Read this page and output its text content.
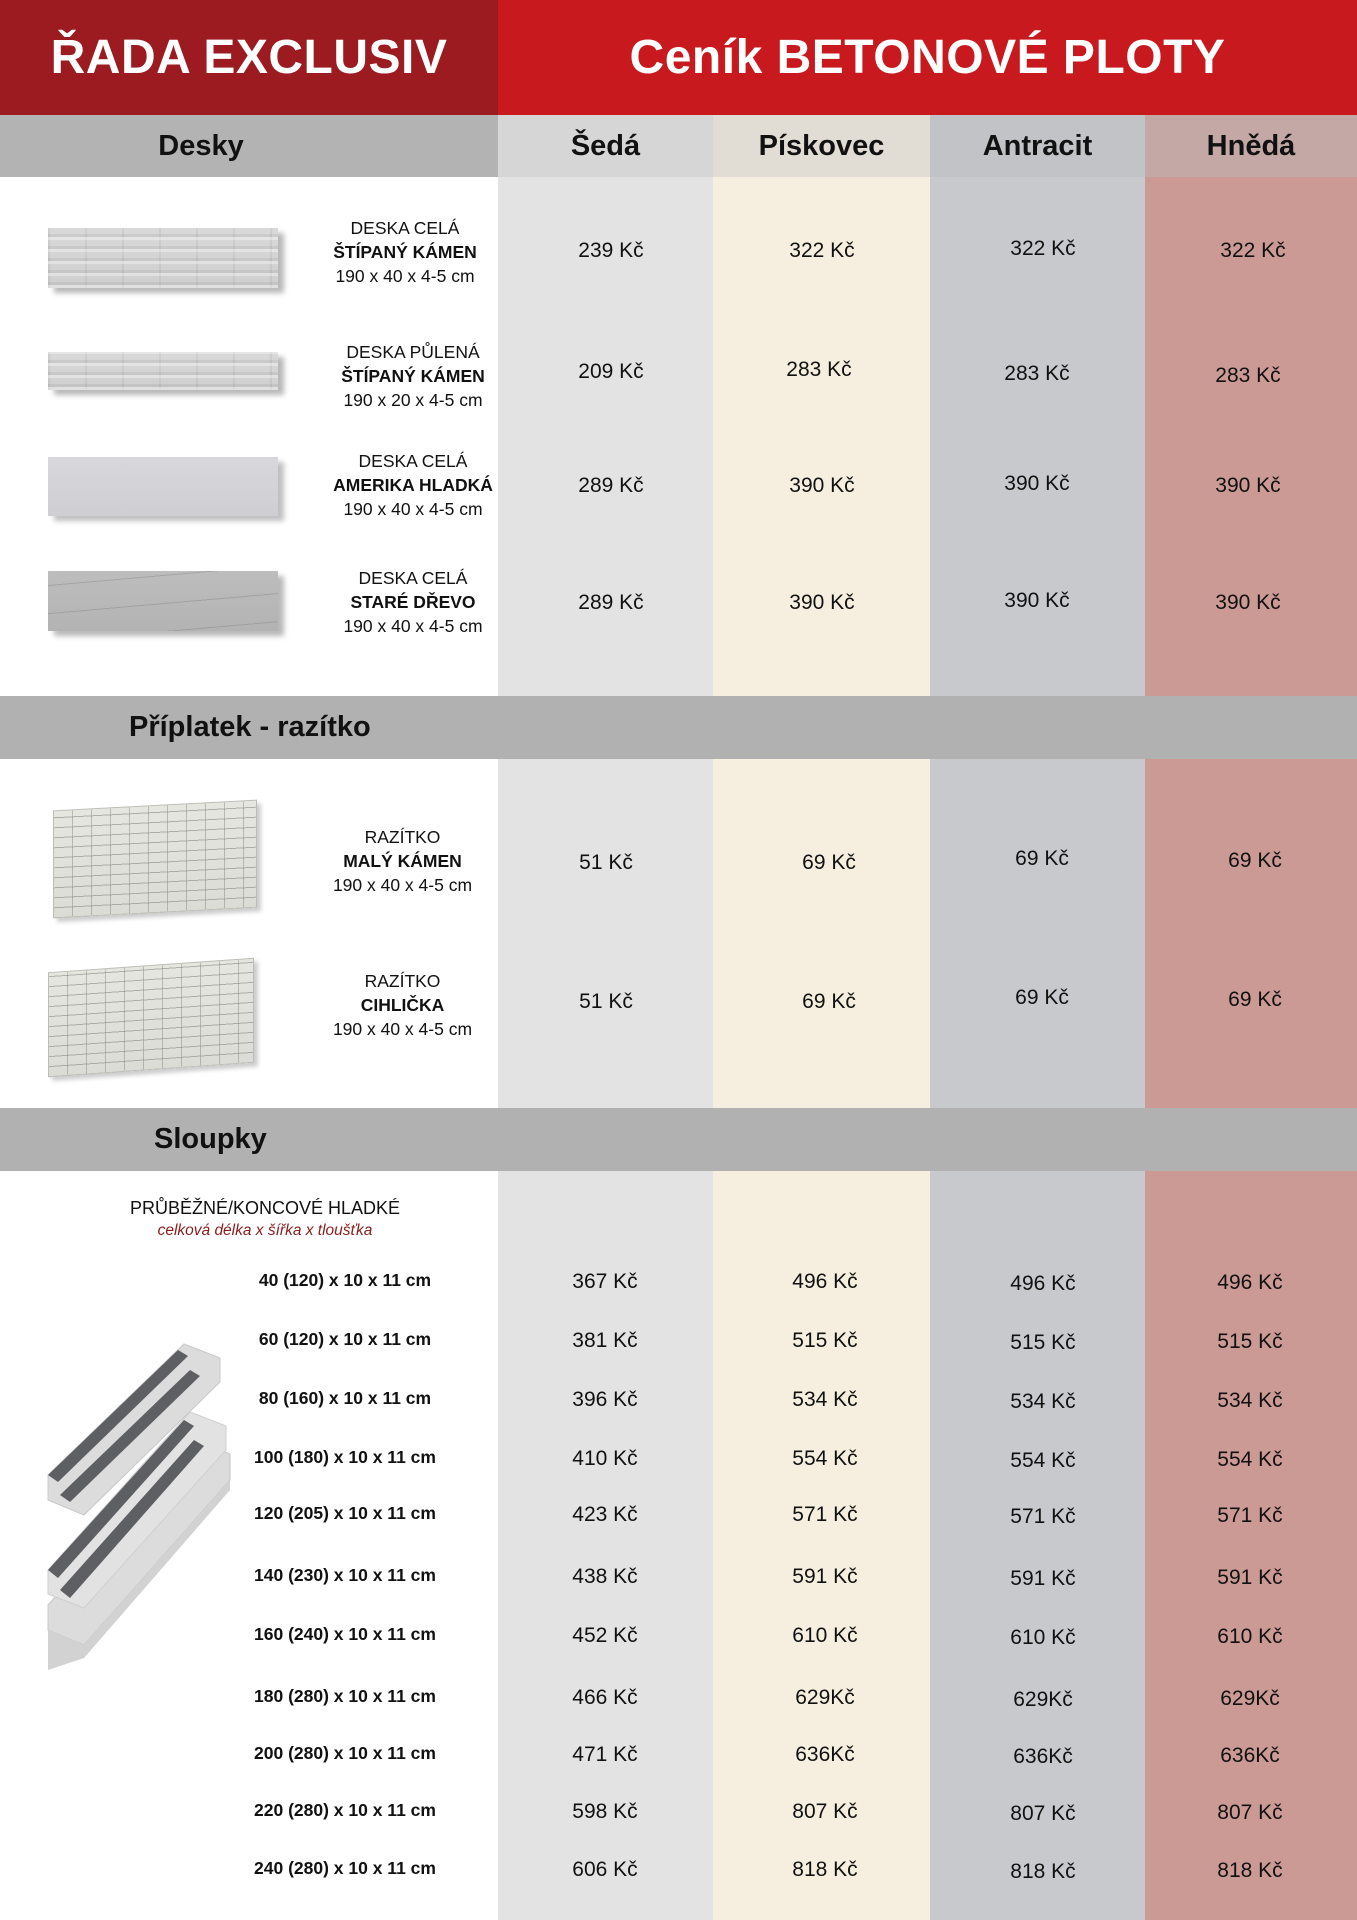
ŘADA EXCLUSIV	Ceník BETONOVÉ PLOTY
Desky	Šedá	Pískovec	Antracit	Hnědá
DESKA CELÁ
ŠTÍPANÝ KÁMEN
190 x 40 x 4-5 cm
239 Kč	322 Kč	322 Kč	322 Kč
DESKA PŮLENÁ
ŠTÍPANÝ KÁMEN
190 x 20 x 4-5 cm
209 Kč	283 Kč	283 Kč	283 Kč
DESKA CELÁ
AMERIKA HLADKÁ
190 x 40 x 4-5 cm
289 Kč	390 Kč	390 Kč	390 Kč
DESKA CELÁ
STARÉ DŘEVO
190 x 40 x 4-5 cm
289 Kč	390 Kč	390 Kč	390 Kč
Příplatek - razítko
RAZÍTKO
MALÝ KÁMEN
190 x 40 x 4-5 cm
51 Kč	69 Kč	69 Kč	69 Kč
RAZÍTKO
CIHLIČKA
190 x 40 x 4-5 cm
51 Kč	69 Kč	69 Kč	69 Kč
Sloupky
PRŮBĚŽNÉ/KONCOVÉ HLADKÉ
celková délka x šířka x tloušťka
40 (120) x 10 x 11 cm	367 Kč	496 Kč	496 Kč	496 Kč
60 (120) x 10 x 11 cm	381 Kč	515 Kč	515 Kč	515 Kč
80 (160) x 10 x 11 cm	396 Kč	534 Kč	534 Kč	534 Kč
100 (180) x 10 x 11 cm	410 Kč	554 Kč	554 Kč	554 Kč
120 (205) x 10 x 11 cm	423 Kč	571 Kč	571 Kč	571 Kč
140 (230) x 10 x 11 cm	438 Kč	591 Kč	591 Kč	591 Kč
160 (240) x 10 x 11 cm	452 Kč	610 Kč	610 Kč	610 Kč
180 (280) x 10 x 11 cm	466 Kč	629Kč	629Kč	629Kč
200 (280) x 10 x 11 cm	471 Kč	636Kč	636Kč	636Kč
220 (280) x 10 x 11 cm	598 Kč	807 Kč	807 Kč	807 Kč
240 (280) x 10 x 11 cm	606 Kč	818 Kč	818 Kč	818 Kč
